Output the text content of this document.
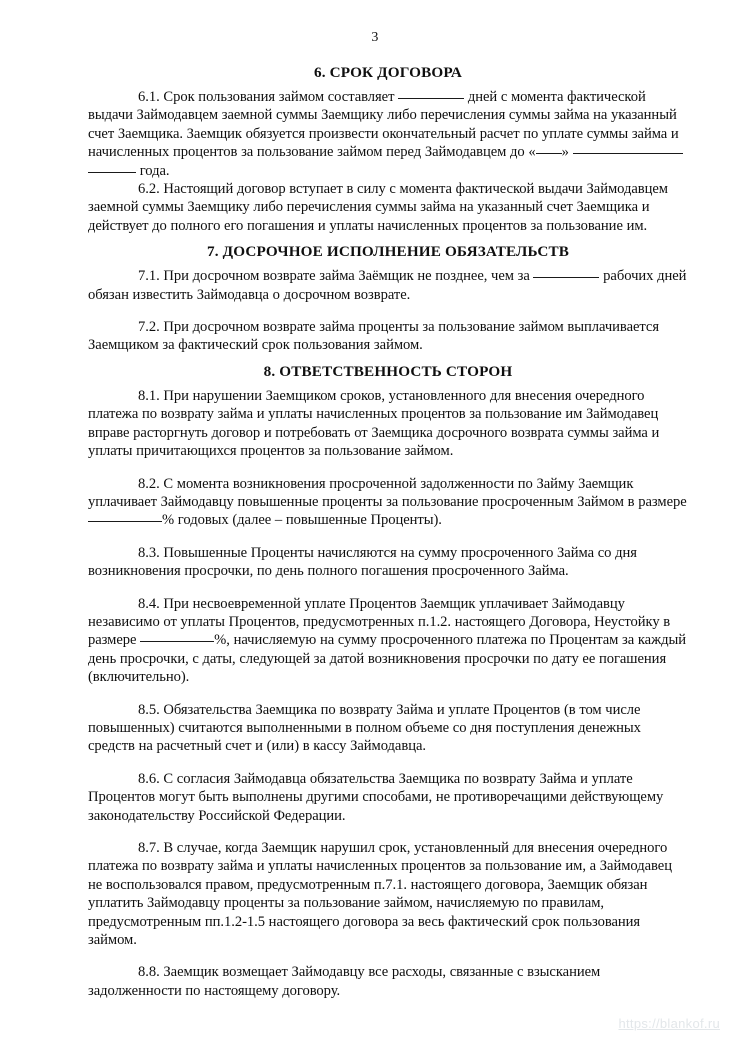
3
6. СРОК ДОГОВОРА

6.1. Срок пользования займом составляет	дней с момента фактической выдачи Займодавцем заемной суммы Заемщику либо перечисления суммы займа на указанный счет Заемщика. Заемщик обязуется произвести окончательный расчет по уплате суммы займа и начисленных процентов за пользование займом перед Займодавцем до « »   года.

6.2. Настоящий договор вступает в силу с момента фактической выдачи Займодавцем заемной суммы Заемщику либо перечисления суммы займа на указанный счет Заемщика и действует до полного его погашения и уплаты начисленных процентов за пользование им.

7. ДОСРОЧНОЕ ИСПОЛНЕНИЕ ОБЯЗАТЕЛЬСТВ

7.1. При досрочном возврате займа Заёмщик не позднее, чем за	рабочих дней обязан известить Займодавца о досрочном возврате.

7.2. При досрочном возврате займа проценты за пользование займом выплачивается Заемщиком за фактический срок пользования займом.

8. ОТВЕТСТВЕННОСТЬ СТОРОН

8.1. При нарушении Заемщиком сроков, установленного для внесения очередного платежа по возврату займа и уплаты начисленных процентов за пользование им Займодавец вправе расторгнуть договор и потребовать от Заемщика досрочного возврата суммы займа и уплаты причитающихся процентов за пользование займом.

8.2. С момента возникновения просроченной задолженности по Займу Заемщик уплачивает Займодавцу повышенные проценты за пользование просроченным Займом в размере % годовых (далее – повышенные Проценты).

8.3. Повышенные Проценты начисляются на сумму просроченного Займа со дня возникновения просрочки, по день полного погашения просроченного Займа.

8.4. При несвоевременной уплате Процентов Заемщик уплачивает Займодавцу независимо от уплаты Процентов, предусмотренных п.1.2. настоящего Договора, Неустойку в размере	%, начисляемую на сумму просроченного платежа по Процентам за каждый день просрочки, с даты, следующей за датой возникновения просрочки по дату ее погашения (включительно).

8.5. Обязательства Заемщика по возврату Займа и уплате Процентов (в том числе повышенных) считаются выполненными в полном объеме со дня поступления денежных средств на расчетный счет и (или) в кассу Займодавца.

8.6. С согласия Займодавца обязательства Заемщика по возврату Займа и уплате Процентов могут быть выполнены другими способами, не противоречащими действующему законодательству Российской Федерации.

8.7. В случае, когда Заемщик нарушил срок, установленный для внесения очередного платежа по возврату займа и уплаты начисленных процентов за пользование им, а Займодавец не воспользовался правом, предусмотренным п.7.1. настоящего договора, Заемщик обязан уплатить Займодавцу проценты за пользование займом, начисляемую по правилам, предусмотренным пп.1.2-1.5 настоящего договора за весь фактический срок пользования займом.

8.8. Заемщик возмещает Займодавцу все расходы, связанные с взысканием задолженности по настоящему договору.

https://blankof.ru
